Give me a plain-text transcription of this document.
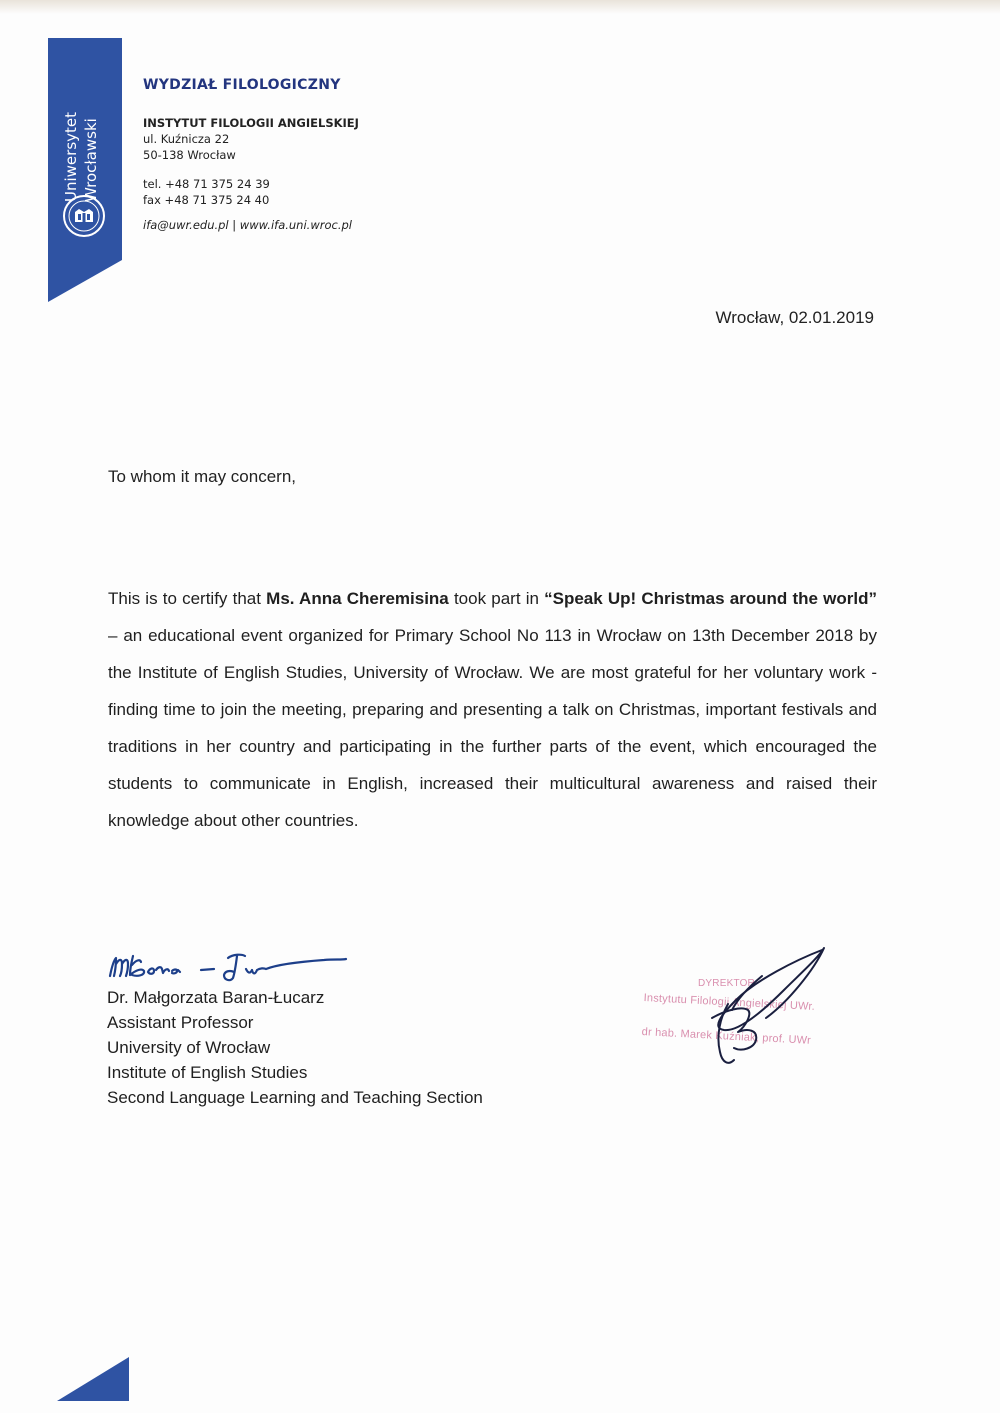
Uniwersytet Wrocławski
WYDZIAŁ FILOLOGICZNY
INSTYTUT FILOLOGII ANGIELSKIEJ
ul. Kuźnicza 22
50-138 Wrocław
tel. +48 71 375 24 39
fax +48 71 375 24 40
ifa@uwr.edu.pl | www.ifa.uni.wroc.pl
Wrocław, 02.01.2019
To whom it may concern,
This is to certify that Ms. Anna Cheremisina took part in “Speak Up! Christmas around the world” – an educational event organized for Primary School No 113 in Wrocław on 13th December 2018 by the Institute of English Studies, University of Wrocław. We are most grateful for her voluntary work - finding time to join the meeting, preparing and presenting a talk on Christmas, important festivals and traditions in her country and participating in the further parts of the event, which encouraged the students to communicate in English, increased their multicultural awareness and raised their knowledge about other countries.
Dr. Małgorzata Baran-Łucarz
Assistant Professor
University of Wrocław
Institute of English Studies
Second Language Learning and Teaching Section
DYREKTOR
Instytutu Filologii Angielskiej UWr.
dr hab. Marek Kuźniak, prof. UWr
